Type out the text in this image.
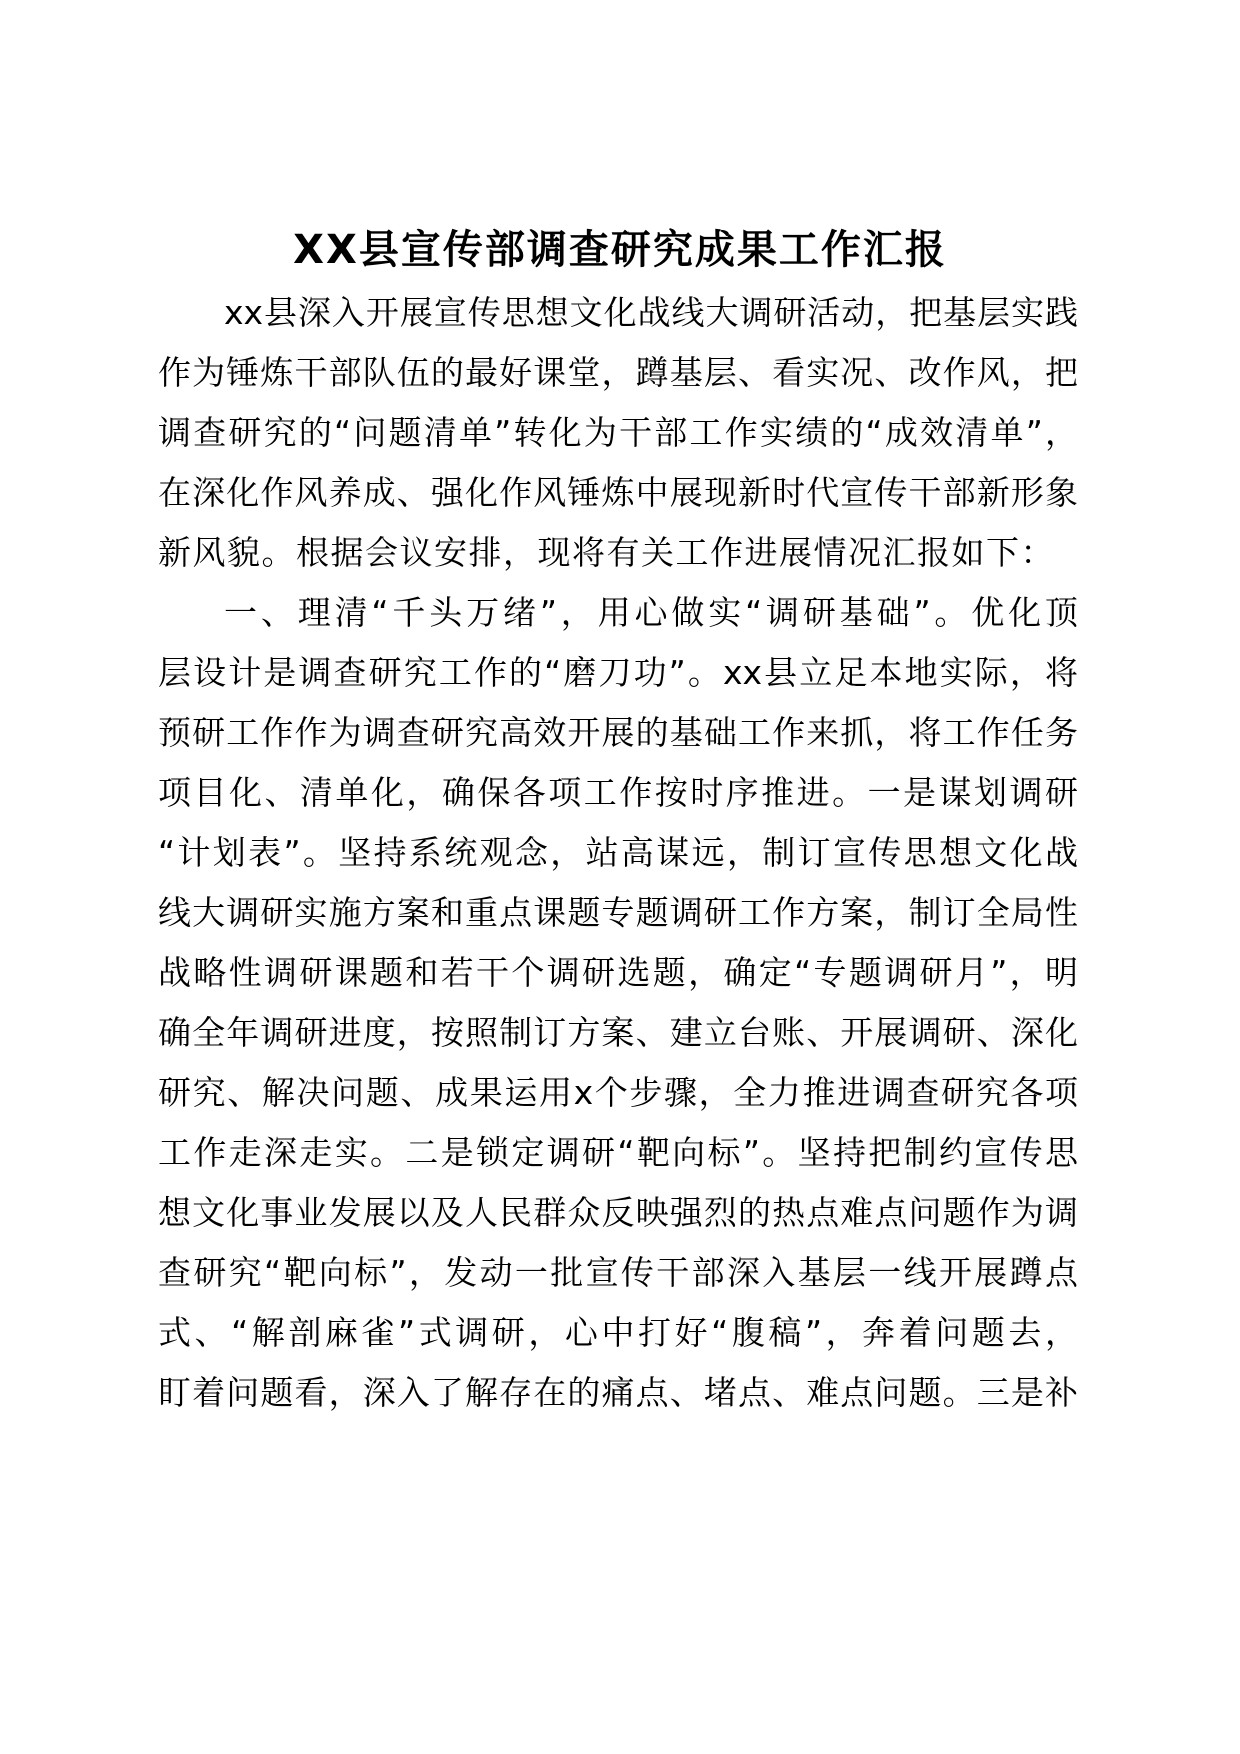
XX县宣传部调查研究成果工作汇报
xx县深入开展宣传思想文化战线大调研活动，把基层实践
作为锤炼干部队伍的最好课堂，蹲基层、看实况、改作风，把
调查研究的“问题清单”转化为干部工作实绩的“成效清单”，
在深化作风养成、强化作风锤炼中展现新时代宣传干部新形象
新风貌。根据会议安排，现将有关工作进展情况汇报如下：
一、理清“千头万绪”，用心做实“调研基础”。优化顶
层设计是调查研究工作的“磨刀功”。xx县立足本地实际，将
预研工作作为调查研究高效开展的基础工作来抓，将工作任务
项目化、清单化，确保各项工作按时序推进。一是谋划调研
“计划表”。坚持系统观念，站高谋远，制订宣传思想文化战
线大调研实施方案和重点课题专题调研工作方案，制订全局性
战略性调研课题和若干个调研选题，确定“专题调研月”，明
确全年调研进度，按照制订方案、建立台账、开展调研、深化
研究、解决问题、成果运用x个步骤，全力推进调查研究各项
工作走深走实。二是锁定调研“靶向标”。坚持把制约宣传思
想文化事业发展以及人民群众反映强烈的热点难点问题作为调
查研究“靶向标”，发动一批宣传干部深入基层一线开展蹲点
式、“解剖麻雀”式调研，心中打好“腹稿”，奔着问题去，
盯着问题看，深入了解存在的痛点、堵点、难点问题。三是补
